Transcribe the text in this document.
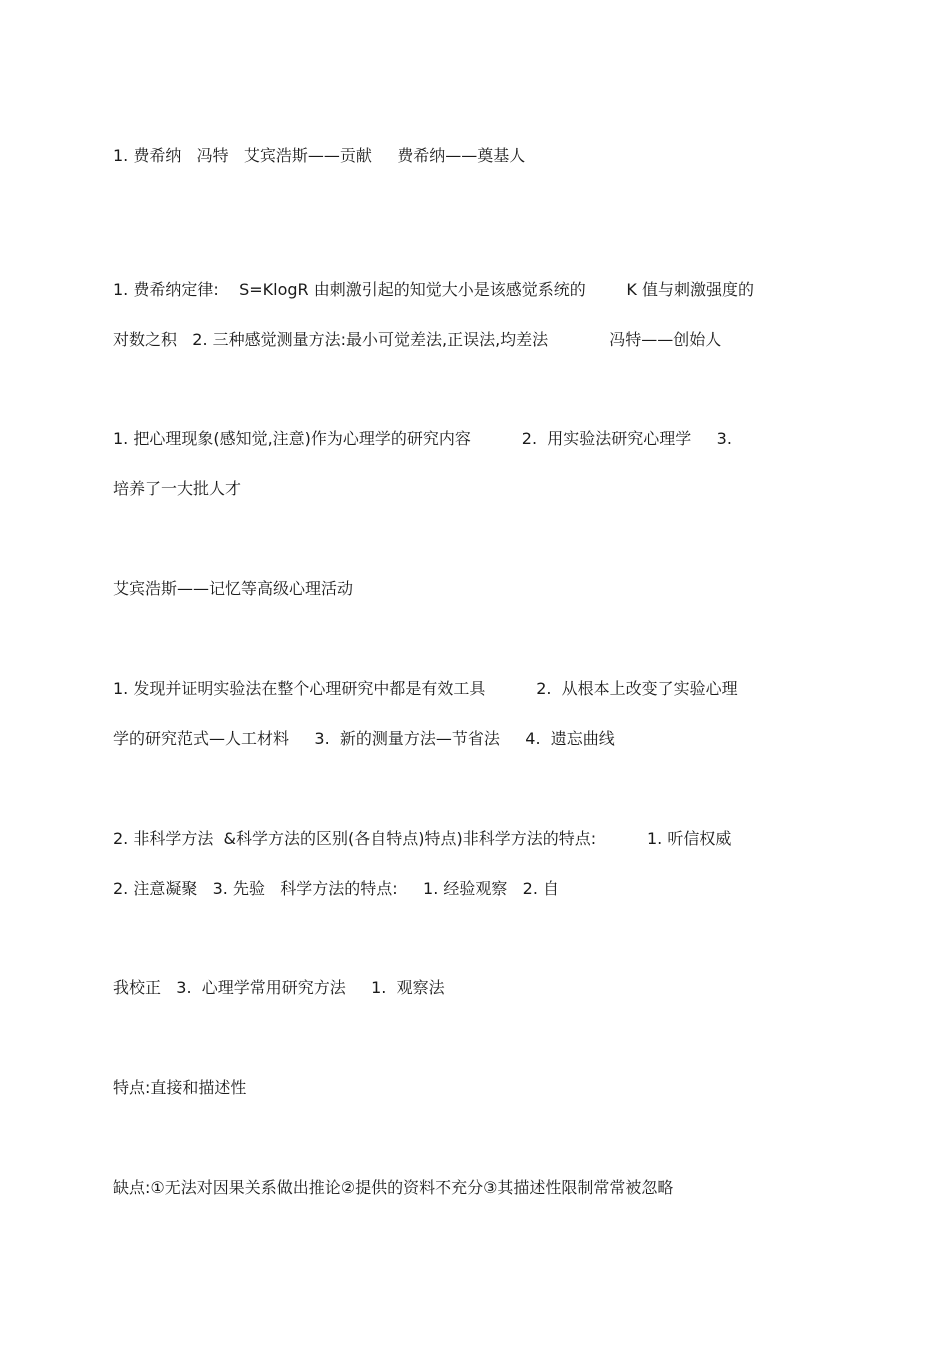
1. 费希纳   冯特   艾宾浩斯——贡献     费希纳——奠基人
1. 费希纳定律:    S=KlogR 由刺激引起的知觉大小是该感觉系统的        K 值与刺激强度的
对数之积   2. 三种感觉测量方法:最小可觉差法,正误法,均差法            冯特——创始人
1. 把心理现象(感知觉,注意)作为心理学的研究内容          2.  用实验法研究心理学     3.
培养了一大批人才
艾宾浩斯——记忆等高级心理活动
1. 发现并证明实验法在整个心理研究中都是有效工具          2.  从根本上改变了实验心理
学的研究范式—人工材料     3.  新的测量方法—节省法     4.  遗忘曲线
2. 非科学方法  &科学方法的区别(各自特点)特点)非科学方法的特点:          1. 听信权威
2. 注意凝聚   3. 先验   科学方法的特点:     1. 经验观察   2. 自
我校正   3.  心理学常用研究方法     1.  观察法
特点:直接和描述性
缺点:①无法对因果关系做出推论②提供的资料不充分③其描述性限制常常被忽略
